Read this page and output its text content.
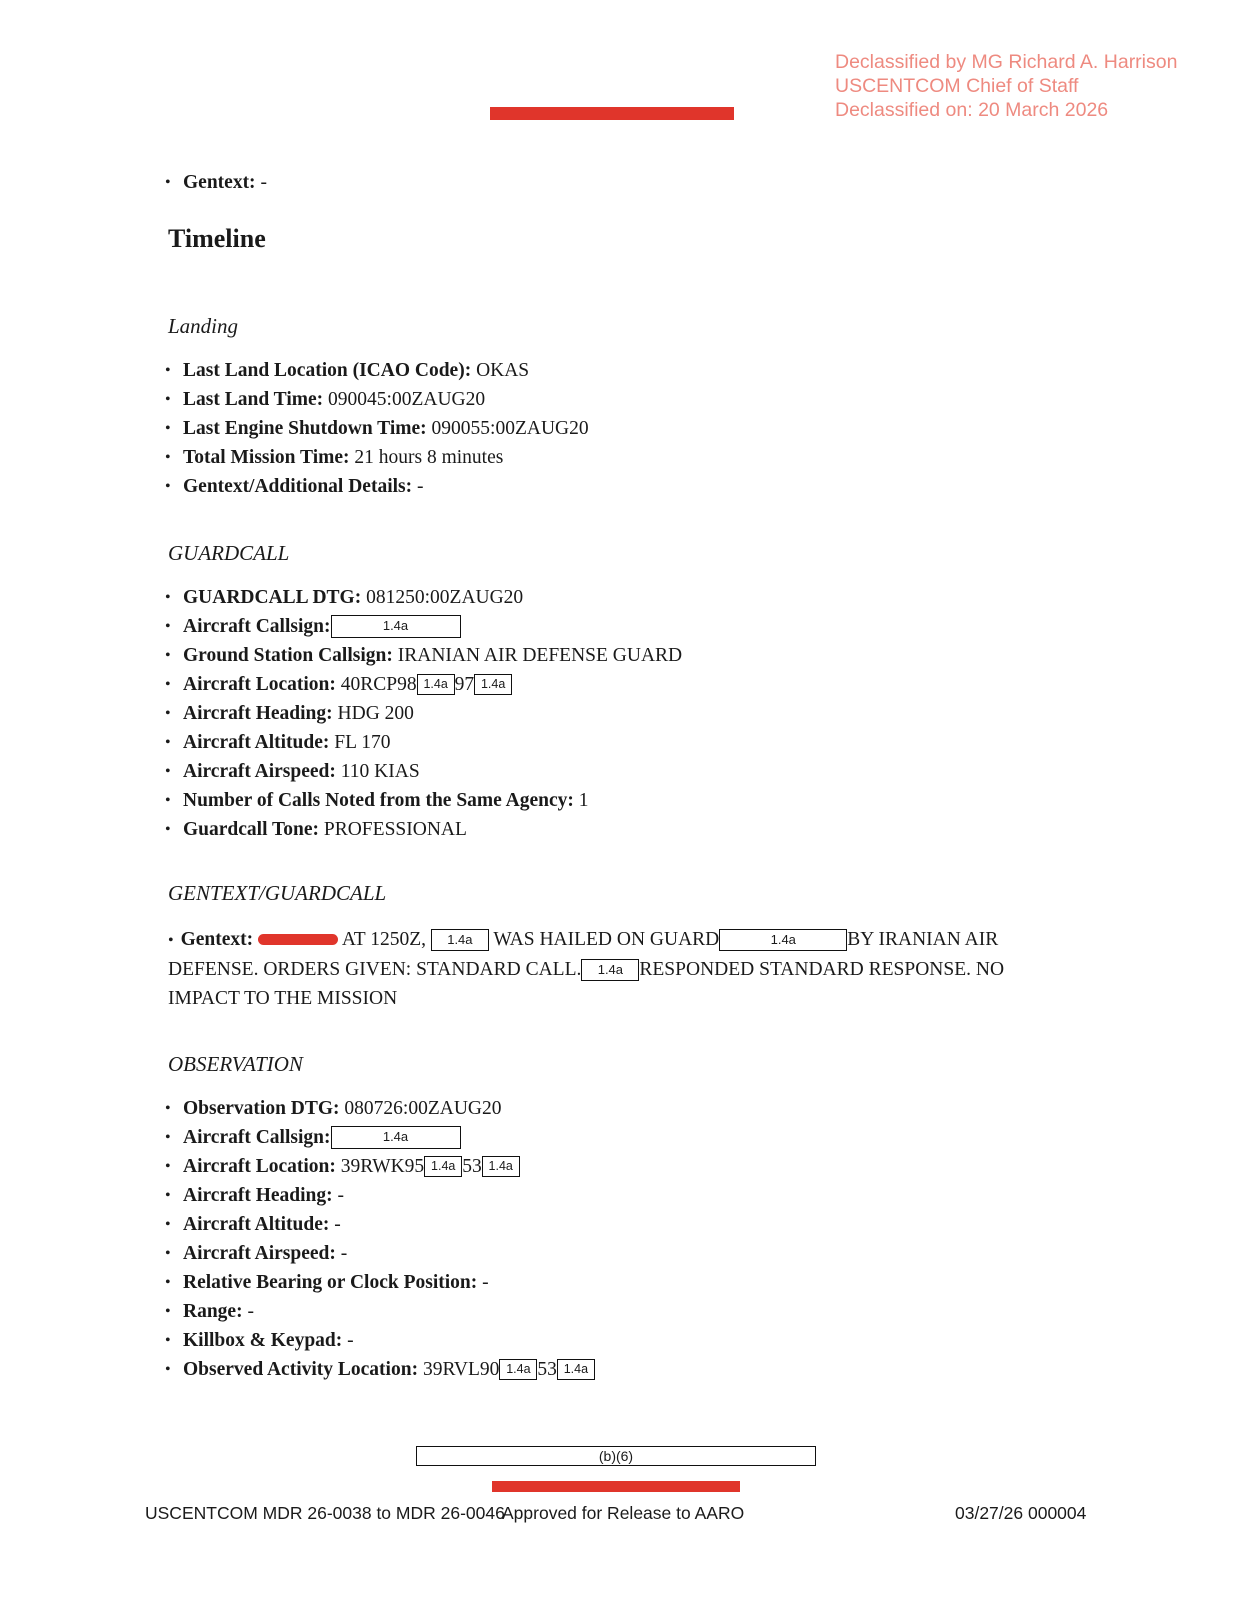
Declassified by MG Richard A. Harrison
USCENTCOM Chief of Staff
Declassified on: 20 March 2026
• Gentext: -
Timeline
Landing
• Last Land Location (ICAO Code): OKAS
• Last Land Time: 090045:00ZAUG20
• Last Engine Shutdown Time: 090055:00ZAUG20
• Total Mission Time: 21 hours 8 minutes
• Gentext/Additional Details: -
GUARDCALL
• GUARDCALL DTG: 081250:00ZAUG20
• Aircraft Callsign:	1.4a
• Ground Station Callsign: IRANIAN AIR DEFENSE GUARD
• Aircraft Location: 40RCP98 1.4a 97 1.4a
• Aircraft Heading: HDG 200
• Aircraft Altitude: FL 170
• Aircraft Airspeed: 110 KIAS
• Number of Calls Noted from the Same Agency: 1
• Guardcall Tone: PROFESSIONAL
GENTEXT/GUARDCALL
• Gentext:	AT 1250Z, 1.4a WAS HAILED ON GUARD	1.4a	BY IRANIAN AIR DEFENSE. ORDERS GIVEN: STANDARD CALL. 1.4a RESPONDED STANDARD RESPONSE. NO IMPACT TO THE MISSION
OBSERVATION
• Observation DTG: 080726:00ZAUG20
• Aircraft Callsign:	1.4a
• Aircraft Location: 39RWK95 1.4a 53 1.4a
• Aircraft Heading: -
• Aircraft Altitude: -
• Aircraft Airspeed: -
• Relative Bearing or Clock Position: -
• Range: -
• Killbox & Keypad: -
• Observed Activity Location: 39RVL90 1.4a 53 1.4a
(b)(6)
USCENTCOM MDR 26-0038 to MDR 26-0046
Approved for Release to AARO	03/27/26 000004
